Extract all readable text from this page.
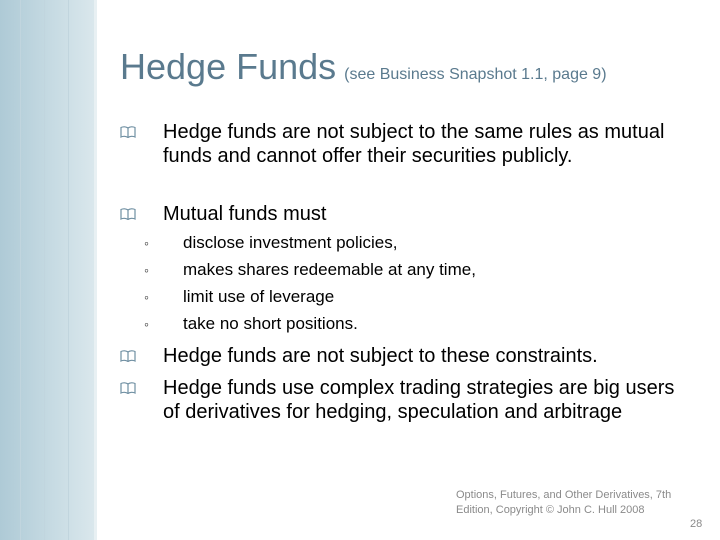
Hedge Funds (see Business Snapshot 1.1, page 9)
Hedge funds are not subject to the same rules as mutual funds and cannot offer their securities publicly.
Mutual funds must
◦ disclose investment policies,
◦ makes shares redeemable at any time,
◦ limit use of leverage
◦ take no short positions.
Hedge funds are not subject to these constraints.
Hedge funds use complex trading strategies are big users of derivatives for hedging, speculation and arbitrage
Options, Futures, and Other Derivatives, 7th Edition, Copyright © John C. Hull 2008
28
